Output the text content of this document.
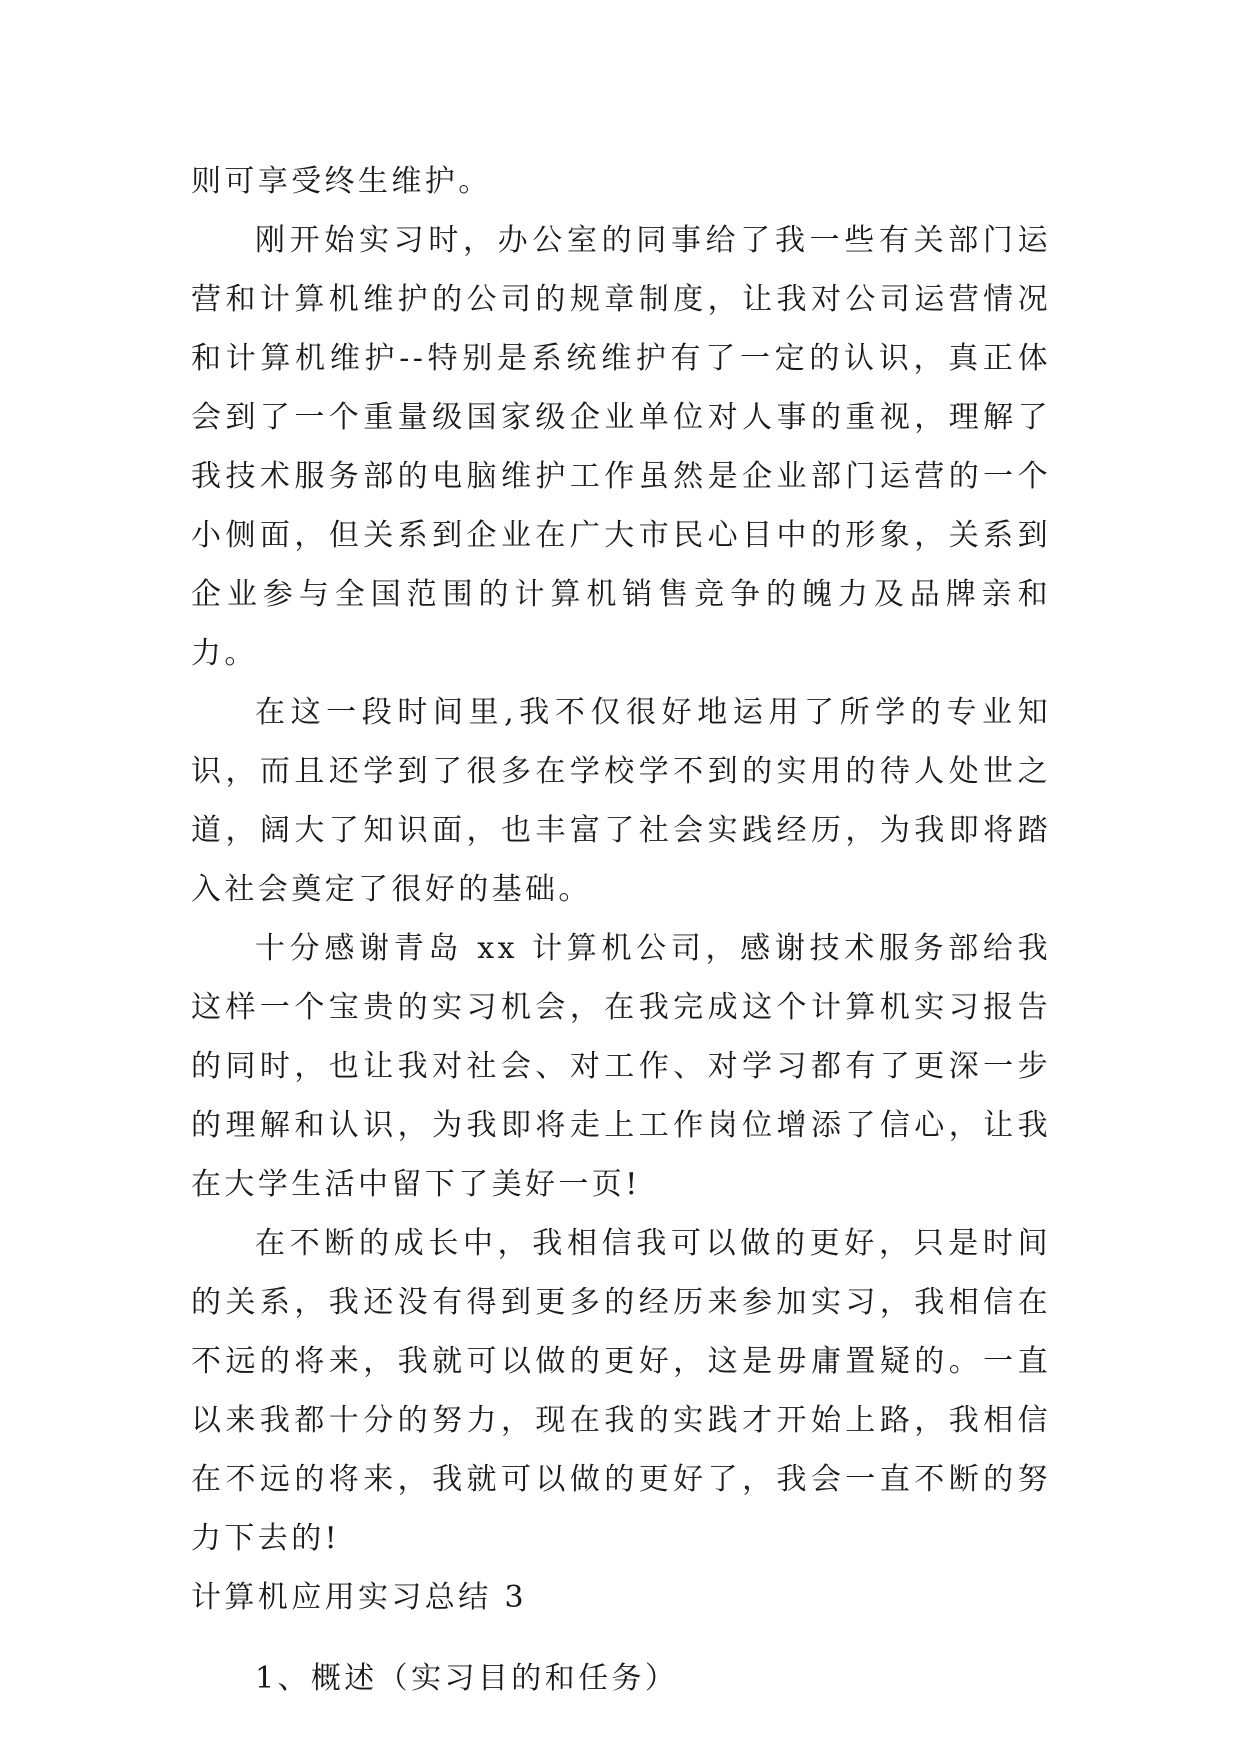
则可享受终生维护。

刚开始实习时，办公室的同事给了我一些有关部门运营和计算机维护的公司的规章制度，让我对公司运营情况和计算机维护--特别是系统维护有了一定的认识，真正体会到了一个重量级国家级企业单位对人事的重视，理解了我技术服务部的电脑维护工作虽然是企业部门运营的一个小侧面，但关系到企业在广大市民心目中的形象，关系到企业参与全国范围的计算机销售竞争的魄力及品牌亲和力。

在这一段时间里,我不仅很好地运用了所学的专业知识，而且还学到了很多在学校学不到的实用的待人处世之道，阔大了知识面，也丰富了社会实践经历，为我即将踏入社会奠定了很好的基础。

十分感谢青岛 xx 计算机公司，感谢技术服务部给我这样一个宝贵的实习机会，在我完成这个计算机实习报告的同时，也让我对社会、对工作、对学习都有了更深一步的理解和认识，为我即将走上工作岗位增添了信心，让我在大学生活中留下了美好一页!

在不断的成长中，我相信我可以做的更好，只是时间的关系，我还没有得到更多的经历来参加实习，我相信在不远的将来，我就可以做的更好，这是毋庸置疑的。一直以来我都十分的努力，现在我的实践才开始上路，我相信在不远的将来，我就可以做的更好了，我会一直不断的努力下去的!

计算机应用实习总结 3

1、概述（实习目的和任务）
